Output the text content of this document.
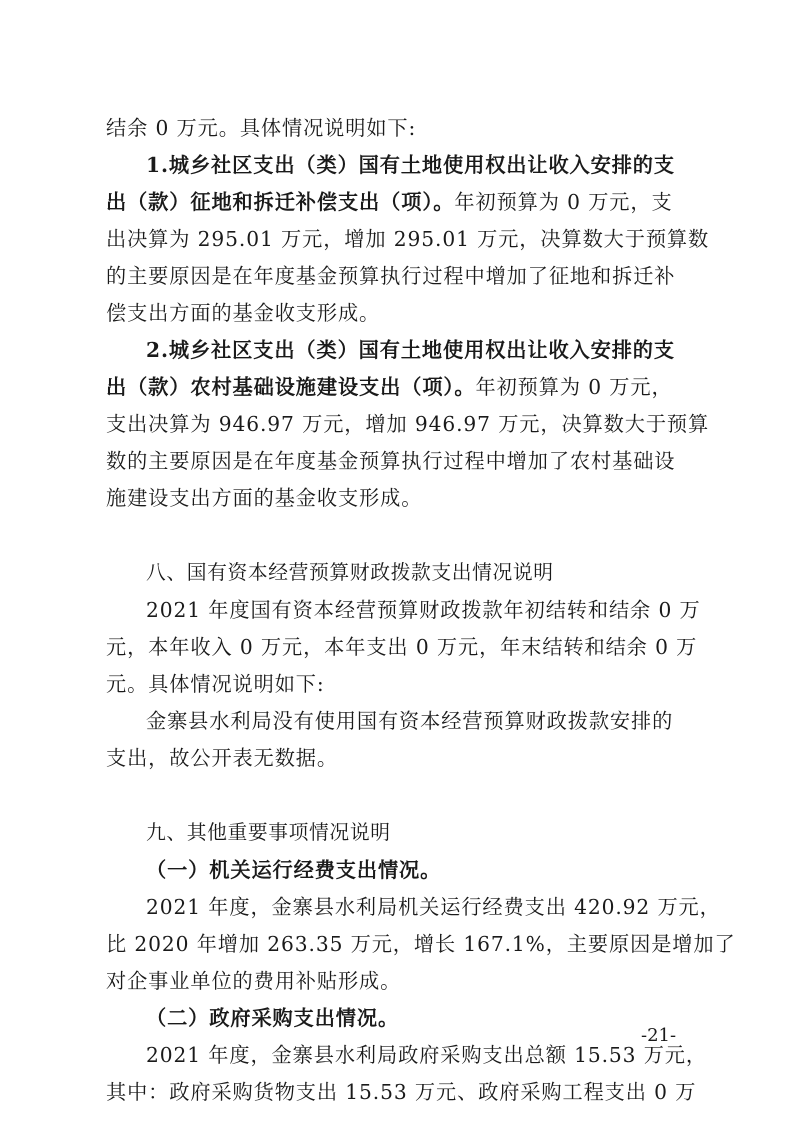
结余 0 万元。具体情况说明如下:
1.城乡社区支出（类）国有土地使用权出让收入安排的支
出（款）征地和拆迁补偿支出（项）。年初预算为 0 万元，支
出决算为 295.01 万元，增加 295.01 万元，决算数大于预算数
的主要原因是在年度基金预算执行过程中增加了征地和拆迁补
偿支出方面的基金收支形成。
2.城乡社区支出（类）国有土地使用权出让收入安排的支
出（款）农村基础设施建设支出（项）。年初预算为 0 万元，
支出决算为 946.97 万元，增加 946.97 万元，决算数大于预算
数的主要原因是在年度基金预算执行过程中增加了农村基础设
施建设支出方面的基金收支形成。
八、国有资本经营预算财政拨款支出情况说明
2021 年度国有资本经营预算财政拨款年初结转和结余 0 万
元，本年收入 0 万元，本年支出 0 万元，年末结转和结余 0 万
元。具体情况说明如下:
金寨县水利局没有使用国有资本经营预算财政拨款安排的
支出，故公开表无数据。
九、其他重要事项情况说明
（一）机关运行经费支出情况。
2021 年度，金寨县水利局机关运行经费支出 420.92 万元，
比 2020 年增加 263.35 万元，增长 167.1%，主要原因是增加了
对企事业单位的费用补贴形成。
（二）政府采购支出情况。
2021 年度，金寨县水利局政府采购支出总额 15.53 万元，
其中：政府采购货物支出 15.53 万元、政府采购工程支出 0 万
-21-
